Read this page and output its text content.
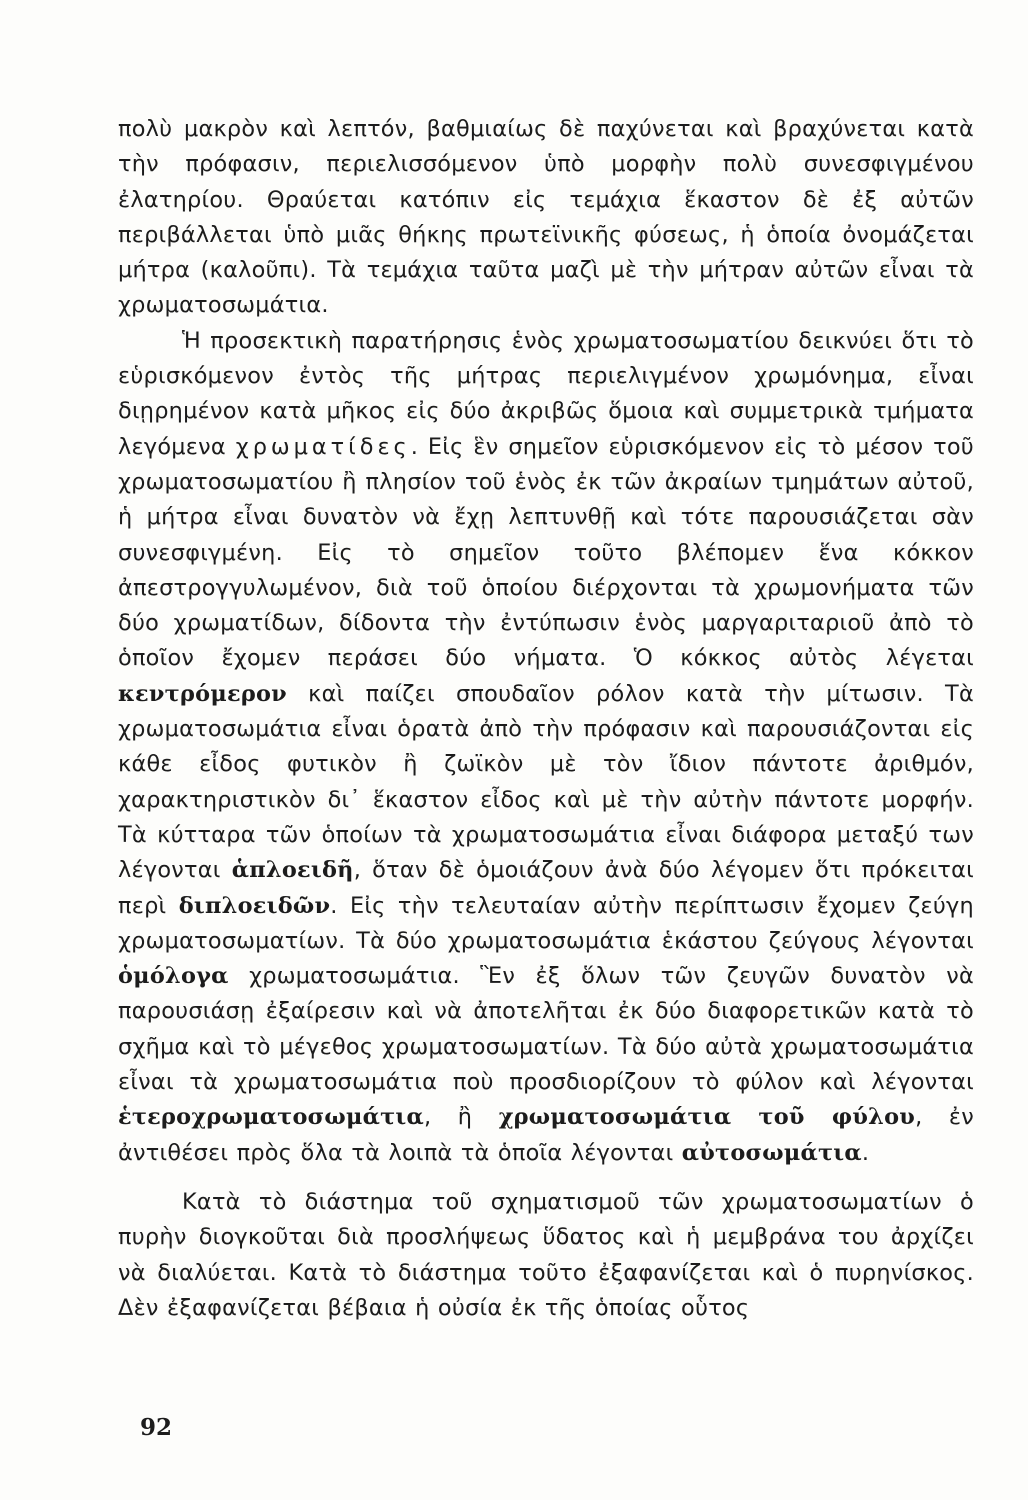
πολὺ μακρὸν καὶ λεπτόν, βαθμιαίως δὲ παχύνεται καὶ βραχύνεται κατὰ τὴν πρόφασιν, περιελισσόμενον ὑπὸ μορφὴν πολὺ συνεσφιγμένου ἐλατηρίου. Θραύεται κατόπιν εἰς τεμάχια ἕκαστον δὲ ἐξ αὐτῶν περιβάλλεται ὑπὸ μιᾶς θήκης πρωτεϊνικῆς φύσεως, ἡ ὁποία ὀνομάζεται μήτρα (καλοῦπι). Τὰ τεμάχια ταῦτα μαζὶ μὲ τὴν μήτραν αὐτῶν εἶναι τὰ χρωματοσωμάτια.

Ἡ προσεκτικὴ παρατήρησις ἑνὸς χρωματοσωματίου δεικνύει ὅτι τὸ εὑρισκόμενον ἐντὸς τῆς μήτρας περιελιγμένον χρωμόνημα, εἶναι διῃρημένον κατὰ μῆκος εἰς δύο ἀκριβῶς ὅμοια καὶ συμμετρικὰ τμήματα λεγόμενα χρωματίδες. Εἰς ἓν σημεῖον εὑρισκόμενον εἰς τὸ μέσον τοῦ χρωματοσωματίου ἢ πλησίον τοῦ ἑνὸς ἐκ τῶν ἀκραίων τμημάτων αὐτοῦ, ἡ μήτρα εἶναι δυνατὸν νὰ ἔχῃ λεπτυνθῇ καὶ τότε παρουσιάζεται σὰν συνεσφιγμένη. Εἰς τὸ σημεῖον τοῦτο βλέπομεν ἕνα κόκκον ἀπεστρογγυλωμένον, διὰ τοῦ ὁποίου διέρχονται τὰ χρωμονήματα τῶν δύο χρωματίδων, δίδοντα τὴν ἐντύπωσιν ἑνὸς μαργαριταριοῦ ἀπὸ τὸ ὁποῖον ἔχομεν περάσει δύο νήματα. Ὁ κόκκος αὐτὸς λέγεται κεντρόμερον καὶ παίζει σπουδαῖον ρόλον κατὰ τὴν μίτωσιν. Τὰ χρωματοσωμάτια εἶναι ὁρατὰ ἀπὸ τὴν πρόφασιν καὶ παρουσιάζονται εἰς κάθε εἶδος φυτικὸν ἢ ζωϊκὸν μὲ τὸν ἴδιον πάντοτε ἀριθμόν, χαρακτηριστικὸν δι᾽ ἕκαστον εἶδος καὶ μὲ τὴν αὐτὴν πάντοτε μορφήν. Τὰ κύτταρα τῶν ὁποίων τὰ χρωματοσωμάτια εἶναι διάφορα μεταξύ των λέγονται ἁπλοειδῆ, ὅταν δὲ ὁμοιάζουν ἀνὰ δύο λέγομεν ὅτι πρόκειται περὶ διπλοειδῶν. Εἰς τὴν τελευταίαν αὐτὴν περίπτωσιν ἔχομεν ζεύγη χρωματοσωματίων. Τὰ δύο χρωματοσωμάτια ἑκάστου ζεύγους λέγονται ὁμόλογα χρωματοσωμάτια. Ἓν ἐξ ὅλων τῶν ζευγῶν δυνατὸν νὰ παρουσιάσῃ ἐξαίρεσιν καὶ νὰ ἀποτελῆται ἐκ δύο διαφορετικῶν κατὰ τὸ σχῆμα καὶ τὸ μέγεθος χρωματοσωματίων. Τὰ δύο αὐτὰ χρωματοσωμάτια εἶναι τὰ χρωματοσωμάτια ποὺ προσδιορίζουν τὸ φύλον καὶ λέγονται ἑτεροχρωματοσωμάτια, ἢ χρωματοσωμάτια τοῦ φύλου, ἐν ἀντιθέσει πρὸς ὅλα τὰ λοιπὰ τὰ ὁποῖα λέγονται αὐτοσωμάτια.

Κατὰ τὸ διάστημα τοῦ σχηματισμοῦ τῶν χρωματοσωματίων ὁ πυρὴν διογκοῦται διὰ προσλήψεως ὕδατος καὶ ἡ μεμβράνα του ἀρχίζει νὰ διαλύεται. Κατὰ τὸ διάστημα τοῦτο ἐξαφανίζεται καὶ ὁ πυρηνίσκος. Δὲν ἐξαφανίζεται βέβαια ἡ οὐσία ἐκ τῆς ὁποίας οὗτος

92
